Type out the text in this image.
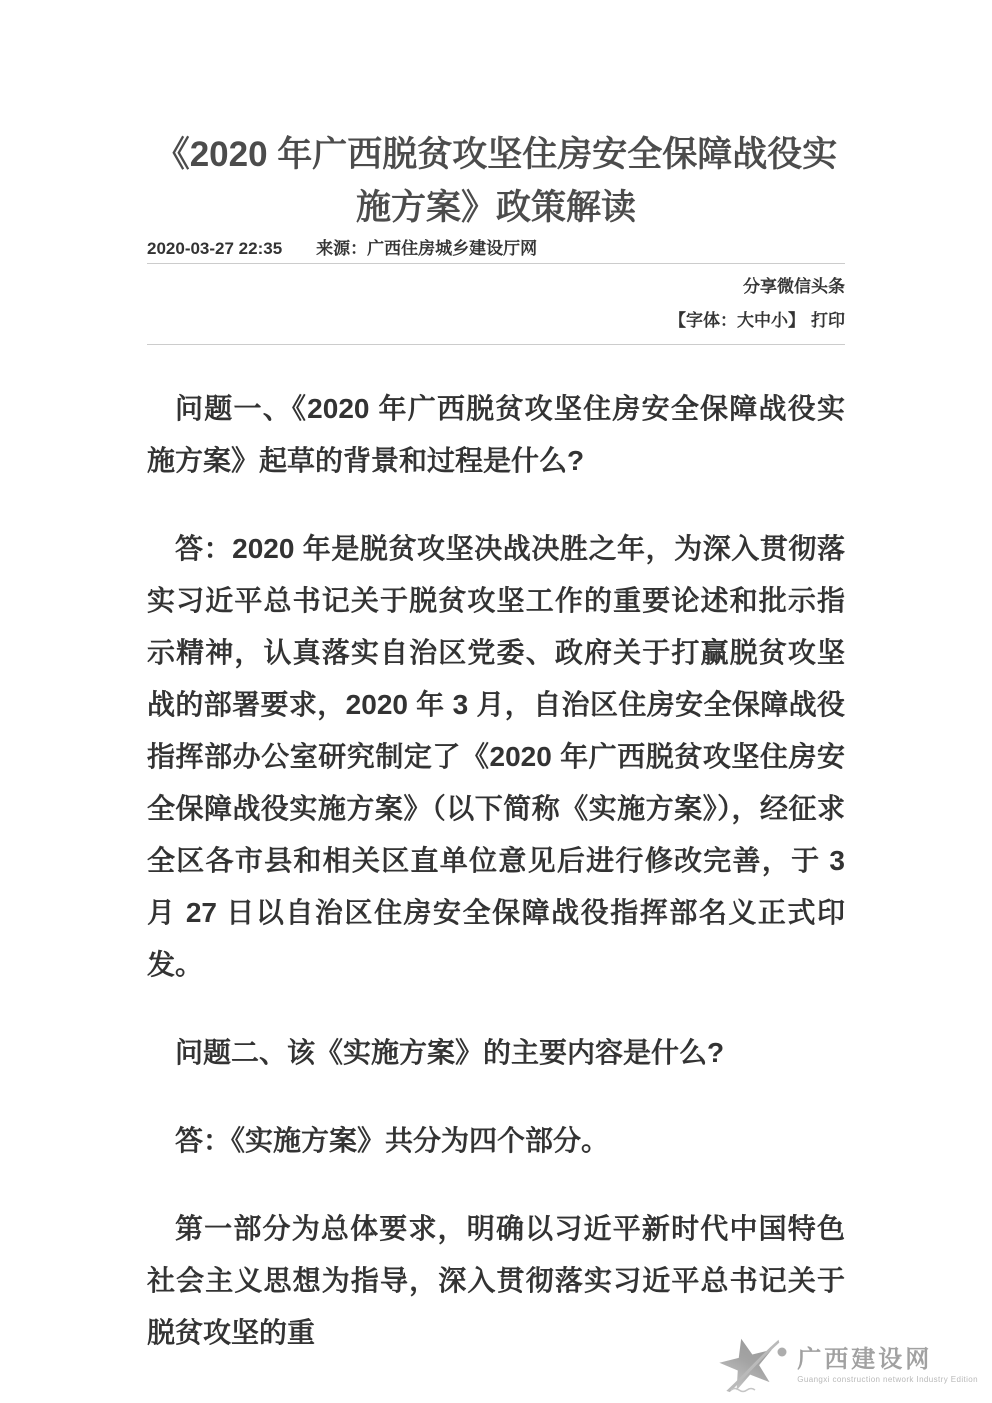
《2020 年广西脱贫攻坚住房安全保障战役实施方案》政策解读
2020-03-27 22:35 来源：广西住房城乡建设厅网
分享微信头条
【字体：大中小】 打印

问题一、《2020 年广西脱贫攻坚住房安全保障战役实施方案》起草的背景和过程是什么?

答：2020 年是脱贫攻坚决战决胜之年，为深入贯彻落实习近平总书记关于脱贫攻坚工作的重要论述和批示指示精神，认真落实自治区党委、政府关于打赢脱贫攻坚战的部署要求，2020 年 3 月，自治区住房安全保障战役指挥部办公室研究制定了《2020 年广西脱贫攻坚住房安全保障战役实施方案》（以下简称《实施方案》），经征求全区各市县和相关区直单位意见后进行修改完善，于 3 月 27 日以自治区住房安全保障战役指挥部名义正式印发。

问题二、该《实施方案》的主要内容是什么?

答：《实施方案》共分为四个部分。

第一部分为总体要求，明确以习近平新时代中国特色社会主义思想为指导，深入贯彻落实习近平总书记关于脱贫攻坚的重

广西建设网
Guangxi construction network Industry Edition
